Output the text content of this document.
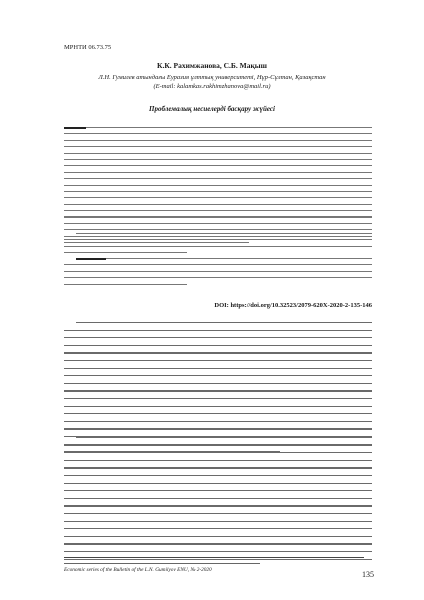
МРНТИ 06.73.75
К.К. Рахимжанова, С.Б. Мақыш
Л.Н. Гумилев атындағы Еуразия ұлттық университеті, Нұр-Сұлтан, Қазақстан
(E-mail: kalamkas.rakhimzhanova@mail.ru)
Проблемалық несиелерді басқару жүйесі
DOI: https://doi.org/10.32523/2079-620X-2020-2-135-146
Economic series of the Bulletin of the L.N. Gumilyov ENU, № 2-2020	135
